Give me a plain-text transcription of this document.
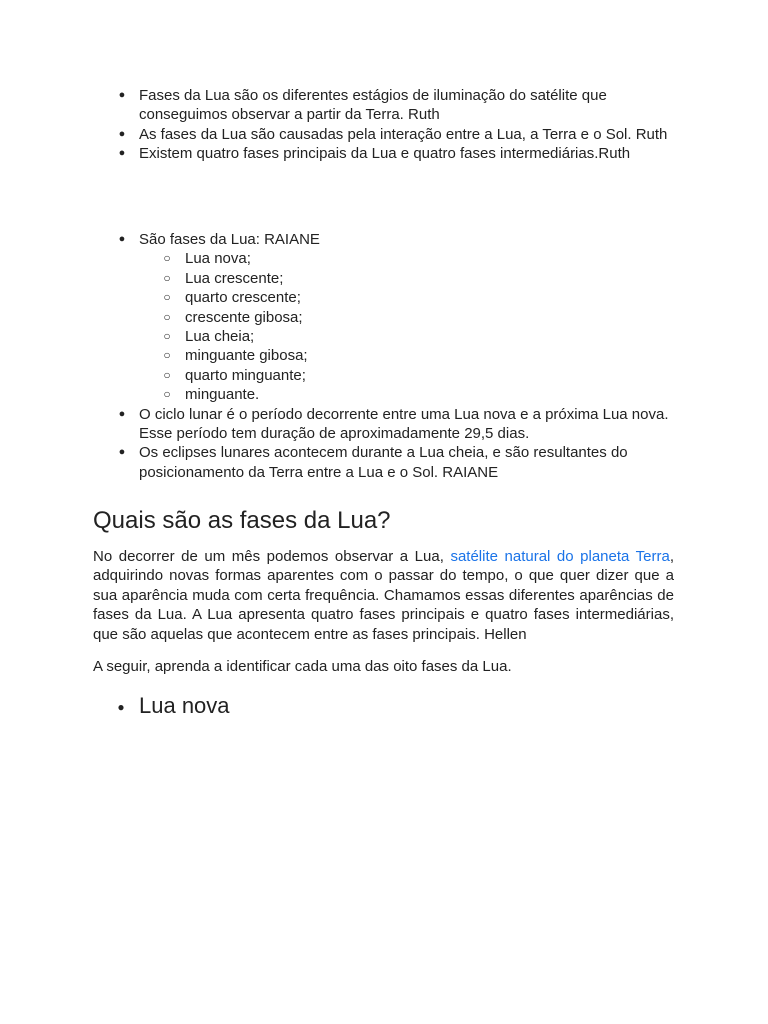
● Fases da Lua são os diferentes estágios de iluminação do satélite que conseguimos observar a partir da Terra. Ruth
● As fases da Lua são causadas pela interação entre a Lua, a Terra e o Sol. Ruth
● Existem quatro fases principais da Lua e quatro fases intermediárias.Ruth
● São fases da Lua: RAIANE
○ Lua nova;
○ Lua crescente;
○ quarto crescente;
○ crescente gibosa;
○ Lua cheia;
○ minguante gibosa;
○ quarto minguante;
○ minguante.
● O ciclo lunar é o período decorrente entre uma Lua nova e a próxima Lua nova. Esse período tem duração de aproximadamente 29,5 dias.
● Os eclipses lunares acontecem durante a Lua cheia, e são resultantes do posicionamento da Terra entre a Lua e o Sol. RAIANE
Quais são as fases da Lua?

No decorrer de um mês podemos observar a Lua, satélite natural do planeta Terra, adquirindo novas formas aparentes com o passar do tempo, o que quer dizer que a sua aparência muda com certa frequência. Chamamos essas diferentes aparências de fases da Lua. A Lua apresenta quatro fases principais e quatro fases intermediárias, que são aquelas que acontecem entre as fases principais. Hellen

A seguir, aprenda a identificar cada uma das oito fases da Lua.

● Lua nova
